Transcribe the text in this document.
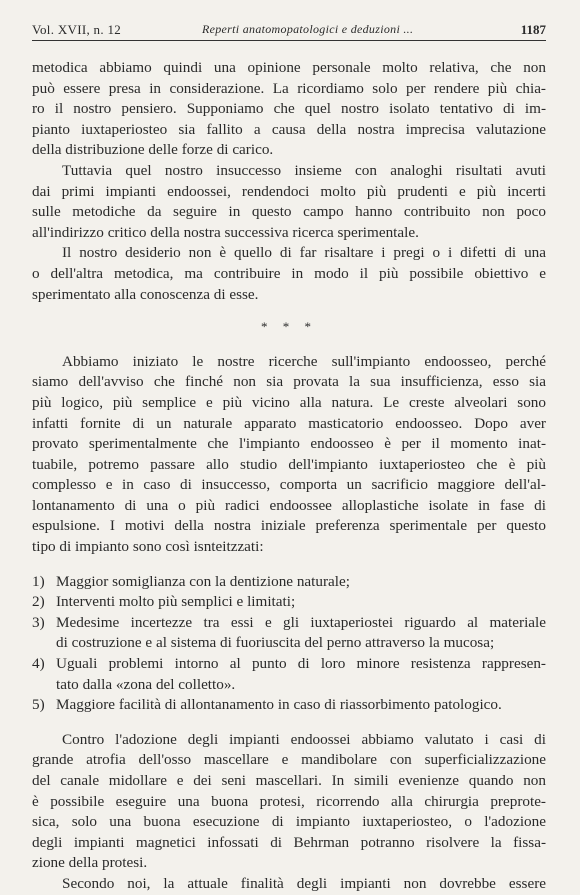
Vol. XVII, n. 12	Reperti anatomopatologici e deduzioni ...	1187
metodica abbiamo quindi una opinione personale molto relativa, che non
può essere presa in considerazione. La ricordiamo solo per rendere più chia-
ro il nostro pensiero. Supponiamo che quel nostro isolato tentativo di im-
pianto iuxtaperiosteo sia fallito a causa della nostra imprecisa valutazione
della distribuzione delle forze di carico.
Tuttavia quel nostro insuccesso insieme con analoghi risultati avuti
dai primi impianti endoossei, rendendoci molto più prudenti e più incerti
sulle metodiche da seguire in questo campo hanno contribuito non poco
all'indirizzo critico della nostra successiva ricerca sperimentale.
Il nostro desiderio non è quello di far risaltare i pregi o i difetti di una
o dell'altra metodica, ma contribuire in modo il più possibile obiettivo e
sperimentato alla conoscenza di esse.
* * *
Abbiamo iniziato le nostre ricerche sull'impianto endoosseo, perché
siamo dell'avviso che finché non sia provata la sua insufficienza, esso sia
più logico, più semplice e più vicino alla natura. Le creste alveolari sono
infatti fornite di un naturale apparato masticatorio endoosseo. Dopo aver
provato sperimentalmente che l'impianto endoosseo è per il momento inat-
tuabile, potremo passare allo studio dell'impianto iuxtaperiosteo che è più
complesso e in caso di insuccesso, comporta un sacrificio maggiore dell'al-
lontanamento di una o più radici endoossee alloplastiche isolate in fase di
espulsione. I motivi della nostra iniziale preferenza sperimentale per questo
tipo di impianto sono così isnteitzzati:
1) Maggior somiglianza con la dentizione naturale;
2) Interventi molto più semplici e limitati;
3) Medesime incertezze tra essi e gli iuxtaperiostei riguardo al materiale
di costruzione e al sistema di fuoriuscita del perno attraverso la mucosa;
4) Uguali problemi intorno al punto di loro minore resistenza rappresen-
tato dalla «zona del colletto».
5) Maggiore facilità di allontanamento in caso di riassorbimento patologico.
Contro l'adozione degli impianti endoossei abbiamo valutato i casi di
grande atrofia dell'osso mascellare e mandibolare con superficializzazione
del canale midollare e dei seni mascellari. In simili evenienze quando non
è possibile eseguire una buona protesi, ricorrendo alla chirurgia preprote-
sica, solo una buona esecuzione di impianto iuxtaperiosteo, o l'adozione
degli impianti magnetici infossati di Behrman potranno risolvere la fissa-
zione della protesi.
Secondo noi, la attuale finalità degli impianti non dovrebbe essere
